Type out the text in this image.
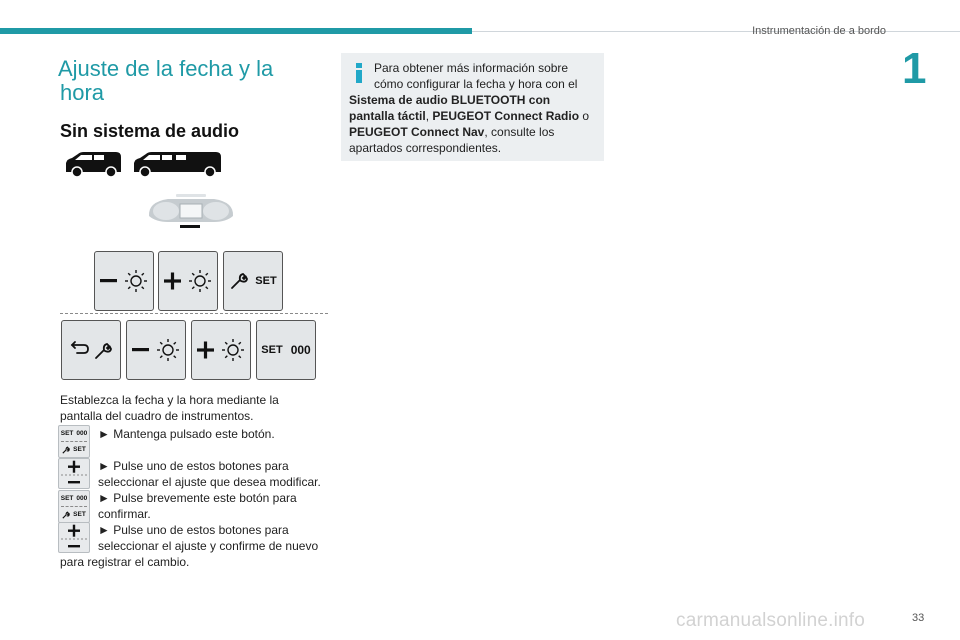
Instrumentación de a bordo
1
Ajuste de la fecha y la
hora
Sin sistema de audio
SET
SET 000
Establezca la fecha y la hora mediante la
pantalla del cuadro de instrumentos.
SET 000
SET
► Mantenga pulsado este botón.
► Pulse uno de estos botones para
seleccionar el ajuste que desea modificar.
SET 000
SET
► Pulse brevemente este botón para
confirmar.
► Pulse uno de estos botones para
seleccionar el ajuste y confirme de nuevo
para registrar el cambio.
Para obtener más información sobre
cómo configurar la fecha y hora con el
Sistema de audio BLUETOOTH con
pantalla táctil, PEUGEOT Connect Radio o
PEUGEOT Connect Nav, consulte los
apartados correspondientes.
carmanualsonline.info	33
